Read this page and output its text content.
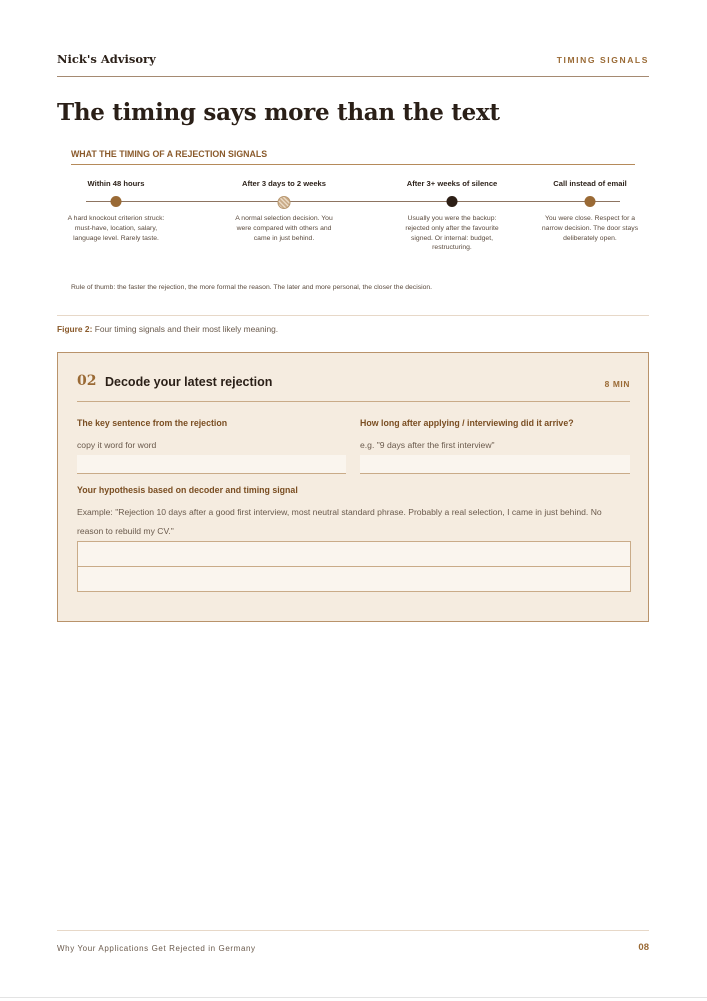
Nick's Advisory	TIMING SIGNALS
The timing says more than the text
WHAT THE TIMING OF A REJECTION SIGNALS
Within 48 hours
A hard knockout criterion struck: must-have, location, salary, language level. Rarely taste.
After 3 days to 2 weeks
A normal selection decision. You were compared with others and came in just behind.
After 3+ weeks of silence
Usually you were the backup: rejected only after the favourite signed. Or internal: budget, restructuring.
Call instead of email
You were close. Respect for a narrow decision. The door stays deliberately open.
Rule of thumb: the faster the rejection, the more formal the reason. The later and more personal, the closer the decision.
Figure 2: Four timing signals and their most likely meaning.
02 Decode your latest rejection	8 MIN
The key sentence from the rejection
copy it word for word
How long after applying / interviewing did it arrive?
e.g. "9 days after the first interview"
Your hypothesis based on decoder and timing signal
Example: "Rejection 10 days after a good first interview, most neutral standard phrase. Probably a real selection, I came in just behind. No reason to rebuild my CV."
Why Your Applications Get Rejected in Germany	08
